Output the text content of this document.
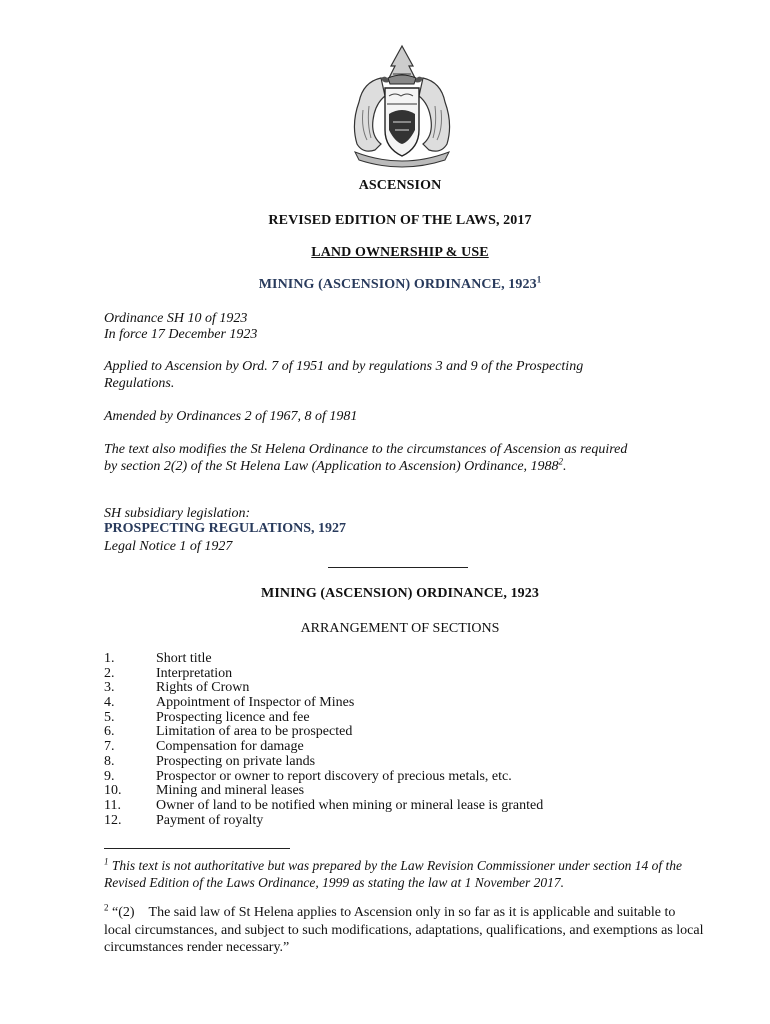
ASCENSION
REVISED EDITION OF THE LAWS, 2017
LAND OWNERSHIP & USE
MINING (ASCENSION) ORDINANCE, 1923$^1$
Ordinance SH 10 of 1923
In force 17 December 1923
Applied to Ascension by Ord. 7 of 1951 and by regulations 3 and 9 of the Prospecting Regulations.
Amended by Ordinances 2 of 1967, 8 of 1981
The text also modifies the St Helena Ordinance to the circumstances of Ascension as required by section 2(2) of the St Helena Law (Application to Ascension) Ordinance, 1988$^2$.
SH subsidiary legislation:
PROSPECTING REGULATIONS, 1927
Legal Notice 1 of 1927
MINING (ASCENSION) ORDINANCE, 1923
ARRANGEMENT OF SECTIONS
1.	Short title
2.	Interpretation
3.	Rights of Crown
4.	Appointment of Inspector of Mines
5.	Prospecting licence and fee
6.	Limitation of area to be prospected
7.	Compensation for damage
8.	Prospecting on private lands
9.	Prospector or owner to report discovery of precious metals, etc.
10.	Mining and mineral leases
11.	Owner of land to be notified when mining or mineral lease is granted
12.	Payment of royalty
$^1$ This text is not authoritative but was prepared by the Law Revision Commissioner under section 14 of the Revised Edition of the Laws Ordinance, 1999 as stating the law at 1 November 2017.
$^2$ “(2) The said law of St Helena applies to Ascension only in so far as it is applicable and suitable to local circumstances, and subject to such modifications, adaptations, qualifications, and exemptions as local circumstances render necessary.”
